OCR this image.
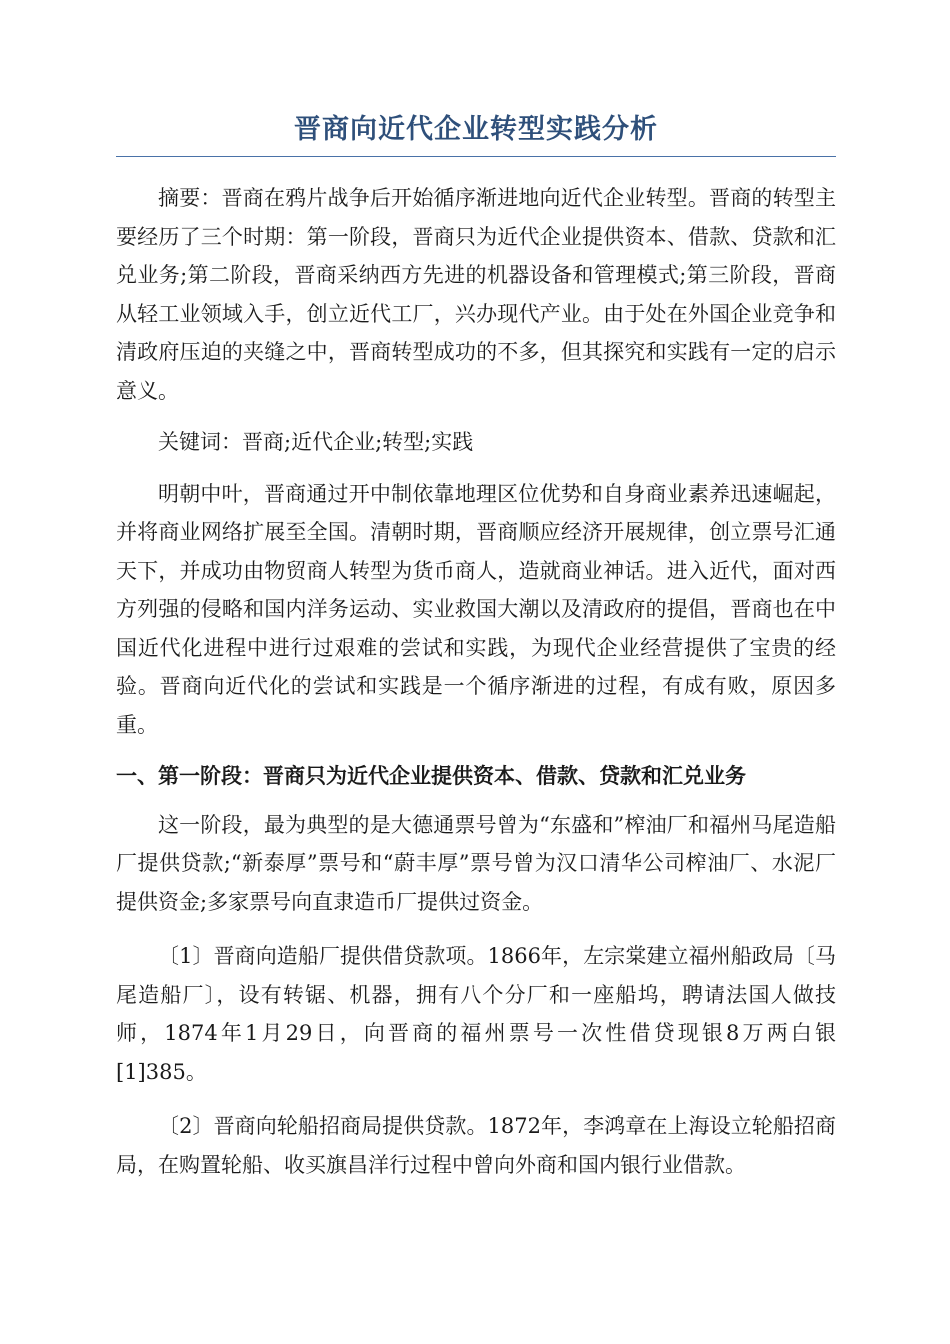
晋商向近代企业转型实践分析

摘要：晋商在鸦片战争后开始循序渐进地向近代企业转型。晋商的转型主要经历了三个时期：第一阶段，晋商只为近代企业提供资本、借款、贷款和汇兑业务;第二阶段，晋商采纳西方先进的机器设备和管理模式;第三阶段，晋商从轻工业领域入手，创立近代工厂，兴办现代产业。由于处在外国企业竞争和清政府压迫的夹缝之中，晋商转型成功的不多，但其探究和实践有一定的启示意义。

关键词：晋商;近代企业;转型;实践

明朝中叶，晋商通过开中制依靠地理区位优势和自身商业素养迅速崛起，并将商业网络扩展至全国。清朝时期，晋商顺应经济开展规律，创立票号汇通天下，并成功由物贸商人转型为货币商人，造就商业神话。进入近代，面对西方列强的侵略和国内洋务运动、实业救国大潮以及清政府的提倡，晋商也在中国近代化进程中进行过艰难的尝试和实践，为现代企业经营提供了宝贵的经验。晋商向近代化的尝试和实践是一个循序渐进的过程，有成有败，原因多重。

一、第一阶段：晋商只为近代企业提供资本、借款、贷款和汇兑业务

这一阶段，最为典型的是大德通票号曾为“东盛和”榨油厂和福州马尾造船厂提供贷款;“新泰厚”票号和“蔚丰厚”票号曾为汉口清华公司榨油厂、水泥厂提供资金;多家票号向直隶造币厂提供过资金。

〔1〕晋商向造船厂提供借贷款项。1866年，左宗棠建立福州船政局〔马尾造船厂〕，设有转锯、机器，拥有八个分厂和一座船坞，聘请法国人做技师，1874年1月29日，向晋商的福州票号一次性借贷现银8万两白银[1]385。

〔2〕晋商向轮船招商局提供贷款。1872年，李鸿章在上海设立轮船招商局，在购置轮船、收买旗昌洋行过程中曾向外商和国内银行业借款。
